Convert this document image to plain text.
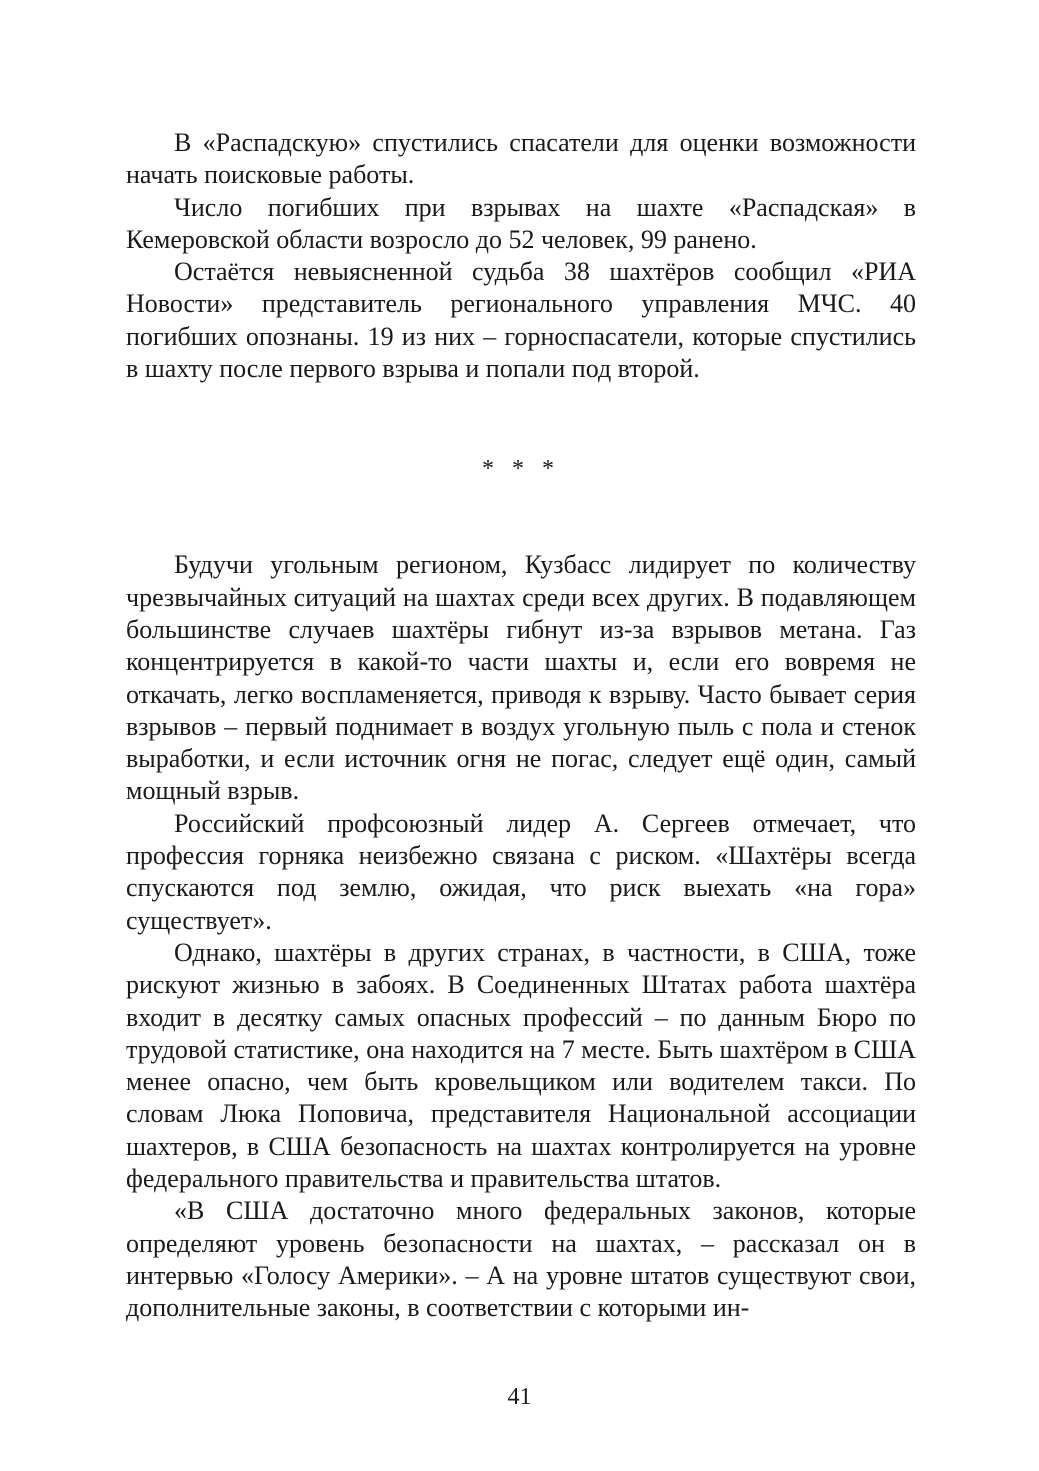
В «Распадскую» спустились спасатели для оценки возможности начать поисковые работы.

Число погибших при взрывах на шахте «Распадская» в Кемеровской области возросло до 52 человек, 99 ранено.

Остаётся невыясненной судьба 38 шахтёров сообщил «РИА Новости» представитель регионального управления МЧС. 40 погибших опознаны. 19 из них – горноспасатели, которые спустились в шахту после первого взрыва и попали под второй.

* * *

Будучи угольным регионом, Кузбасс лидирует по количеству чрезвычайных ситуаций на шахтах среди всех других. В подавляющем большинстве случаев шахтёры гибнут из-за взрывов метана. Газ концентрируется в какой-то части шахты и, если его вовремя не откачать, легко воспламеняется, приводя к взрыву. Часто бывает серия взрывов – первый поднимает в воздух угольную пыль с пола и стенок выработки, и если источник огня не погас, следует ещё один, самый мощный взрыв.

Российский профсоюзный лидер А. Сергеев отмечает, что профессия горняка неизбежно связана с риском. «Шахтёры всегда спускаются под землю, ожидая, что риск выехать «на гора» существует».

Однако, шахтёры в других странах, в частности, в США, тоже рискуют жизнью в забоях. В Соединенных Штатах работа шахтёра входит в десятку самых опасных профессий – по данным Бюро по трудовой статистике, она находится на 7 месте. Быть шахтёром в США менее опасно, чем быть кровельщиком или водителем такси. По словам Люка Поповича, представителя Национальной ассоциации шахтеров, в США безопасность на шахтах контролируется на уровне федерального правительства и правительства штатов.

«В США достаточно много федеральных законов, которые определяют уровень безопасности на шахтах, – рассказал он в интервью «Голосу Америки». – А на уровне штатов существуют свои, дополнительные законы, в соответствии с которыми ин-

41
